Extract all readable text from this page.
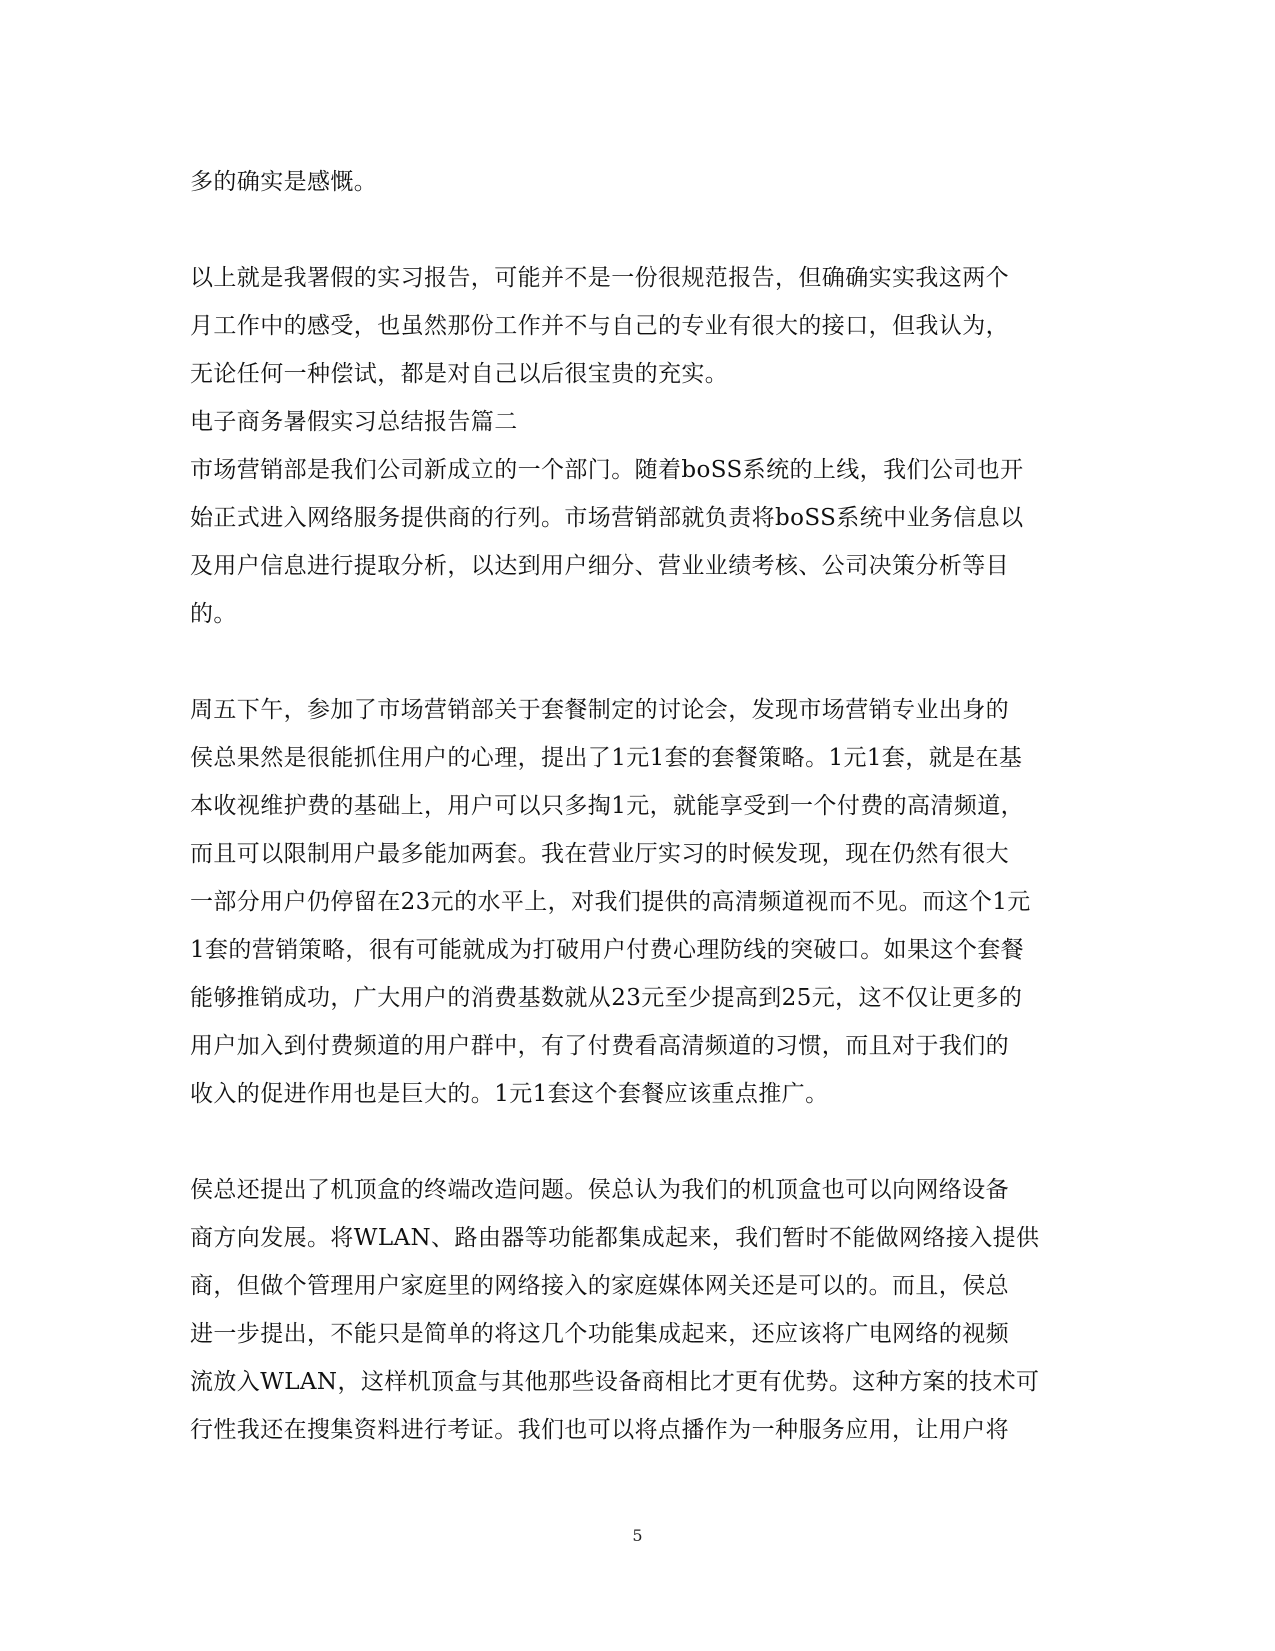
多的确实是感慨。
以上就是我署假的实习报告，可能并不是一份很规范报告，但确确实实我这两个
月工作中的感受，也虽然那份工作并不与自己的专业有很大的接口，但我认为，
无论任何一种偿试，都是对自己以后很宝贵的充实。
电子商务暑假实习总结报告篇二
市场营销部是我们公司新成立的一个部门。随着boSS系统的上线，我们公司也开
始正式进入网络服务提供商的行列。市场营销部就负责将boSS系统中业务信息以
及用户信息进行提取分析，以达到用户细分、营业业绩考核、公司决策分析等目
的。
周五下午，参加了市场营销部关于套餐制定的讨论会，发现市场营销专业出身的
侯总果然是很能抓住用户的心理，提出了1元1套的套餐策略。1元1套，就是在基
本收视维护费的基础上，用户可以只多掏1元，就能享受到一个付费的高清频道，
而且可以限制用户最多能加两套。我在营业厅实习的时候发现，现在仍然有很大
一部分用户仍停留在23元的水平上，对我们提供的高清频道视而不见。而这个1元
1套的营销策略，很有可能就成为打破用户付费心理防线的突破口。如果这个套餐
能够推销成功，广大用户的消费基数就从23元至少提高到25元，这不仅让更多的
用户加入到付费频道的用户群中，有了付费看高清频道的习惯，而且对于我们的
收入的促进作用也是巨大的。1元1套这个套餐应该重点推广。
侯总还提出了机顶盒的终端改造问题。侯总认为我们的机顶盒也可以向网络设备
商方向发展。将WLAN、路由器等功能都集成起来，我们暂时不能做网络接入提供
商，但做个管理用户家庭里的网络接入的家庭媒体网关还是可以的。而且，侯总
进一步提出，不能只是简单的将这几个功能集成起来，还应该将广电网络的视频
流放入WLAN，这样机顶盒与其他那些设备商相比才更有优势。这种方案的技术可
行性我还在搜集资料进行考证。我们也可以将点播作为一种服务应用，让用户将
5
